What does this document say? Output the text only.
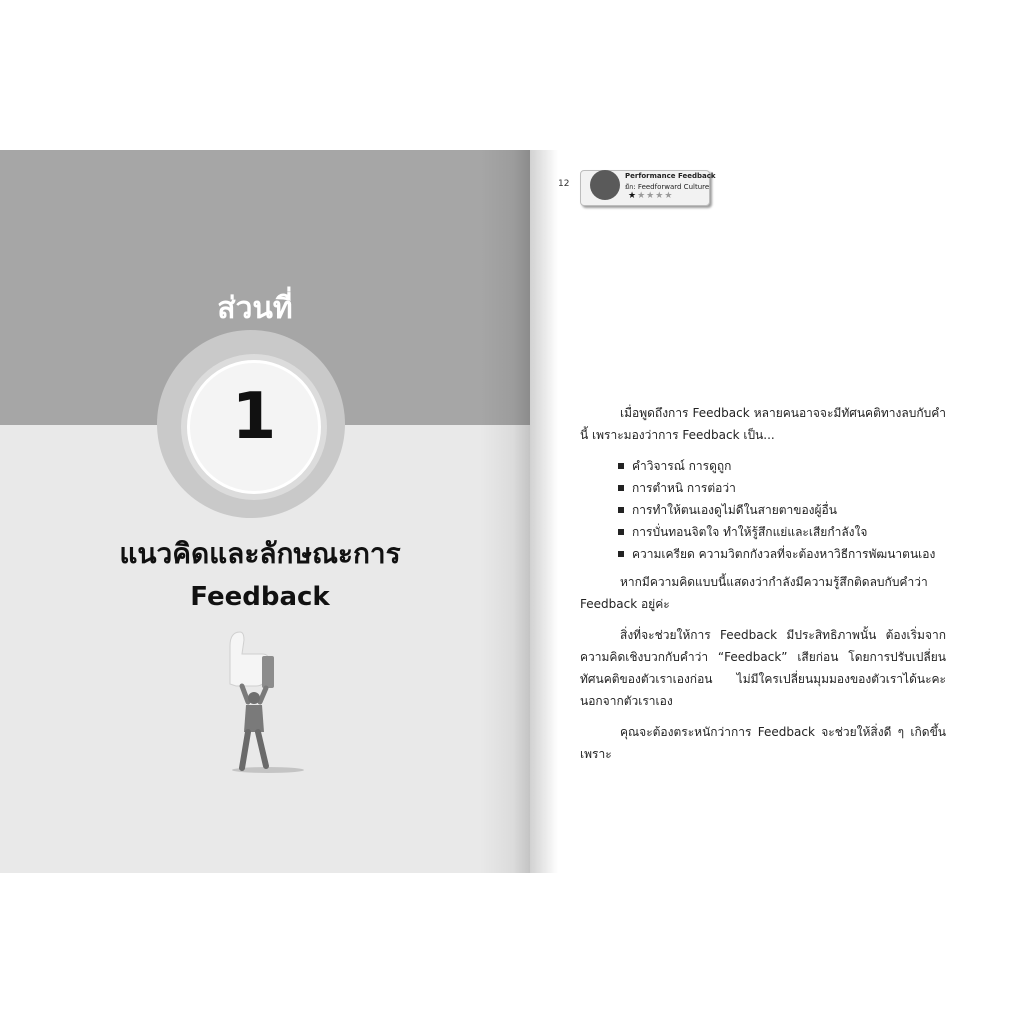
ส่วนที่
1
แนวคิดและลักษณะการ
Feedback
12
Performance Feedback
ยัก: Feedforward Culture
★★★★★

เมื่อพูดถึงการ Feedback หลายคนอาจจะมีทัศนคติทางลบกับคำนี้ เพราะมองว่าการ Feedback เป็น...

คำวิจารณ์ การดูถูก
การตำหนิ การต่อว่า
การทำให้ตนเองดูไม่ดีในสายตาของผู้อื่น
การบั่นทอนจิตใจ ทำให้รู้สึกแย่และเสียกำลังใจ
ความเครียด ความวิตกกังวลที่จะต้องหาวิธีการพัฒนาตนเอง

หากมีความคิดแบบนี้แสดงว่ากำลังมีความรู้สึกติดลบกับคำว่า Feedback อยู่ค่ะ

สิ่งที่จะช่วยให้การ Feedback มีประสิทธิภาพนั้น ต้องเริ่มจากความคิดเชิงบวกกับคำว่า “Feedback” เสียก่อน โดยการปรับเปลี่ยนทัศนคติของตัวเราเองก่อน ไม่มีใครเปลี่ยนมุมมองของตัวเราได้นะคะ นอกจากตัวเราเอง

คุณจะต้องตระหนักว่าการ Feedback จะช่วยให้สิ่งดี ๆ เกิดขึ้นเพราะ
